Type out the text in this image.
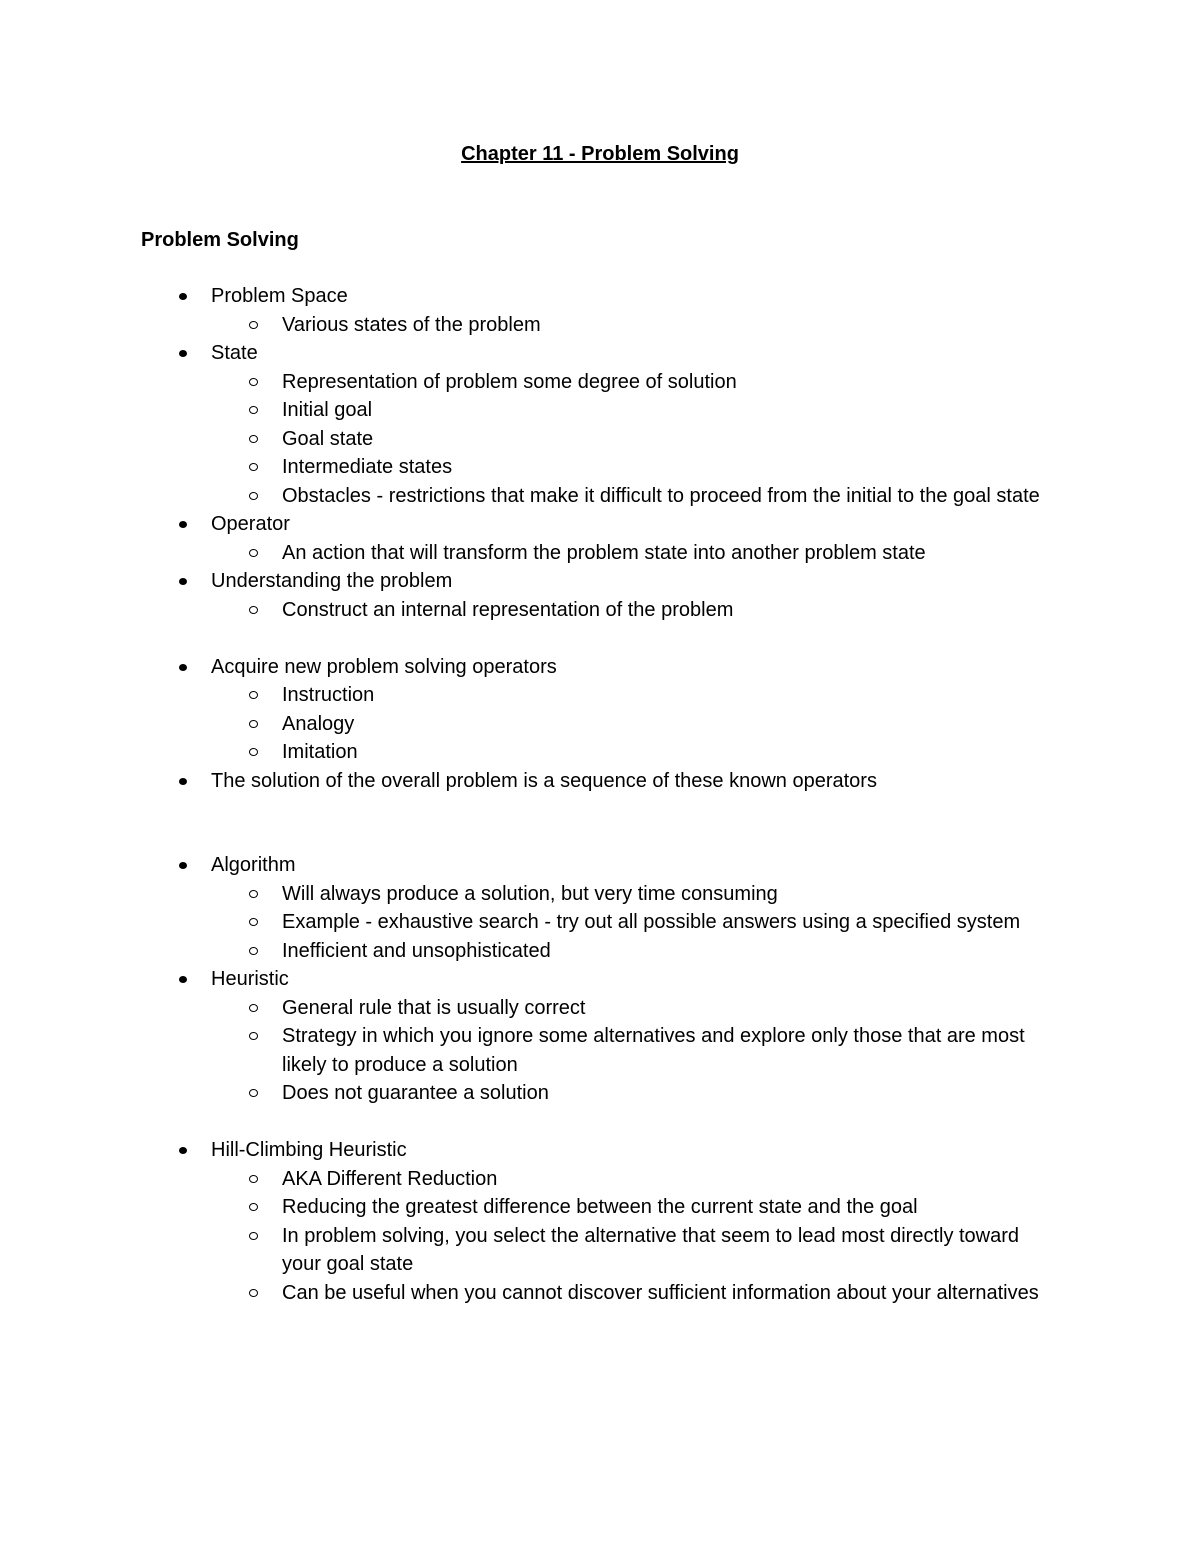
Chapter 11 - Problem Solving
Problem Solving
Problem Space
Various states of the problem
State
Representation of problem some degree of solution
Initial goal
Goal state
Intermediate states
Obstacles - restrictions that make it difficult to proceed from the initial to the goal state
Operator
An action that will transform the problem state into another problem state
Understanding the problem
Construct an internal representation of the problem
Acquire new problem solving operators
Instruction
Analogy
Imitation
The solution of the overall problem is a sequence of these known operators
Algorithm
Will always produce a solution, but very time consuming
Example - exhaustive search - try out all possible answers using a specified system
Inefficient and unsophisticated
Heuristic
General rule that is usually correct
Strategy in which you ignore some alternatives and explore only those that are most likely to produce a solution
Does not guarantee a solution
Hill-Climbing Heuristic
AKA Different Reduction
Reducing the greatest difference between the current state and the goal
In problem solving, you select the alternative that seem to lead most directly toward your goal state
Can be useful when you cannot discover sufficient information about your alternatives
